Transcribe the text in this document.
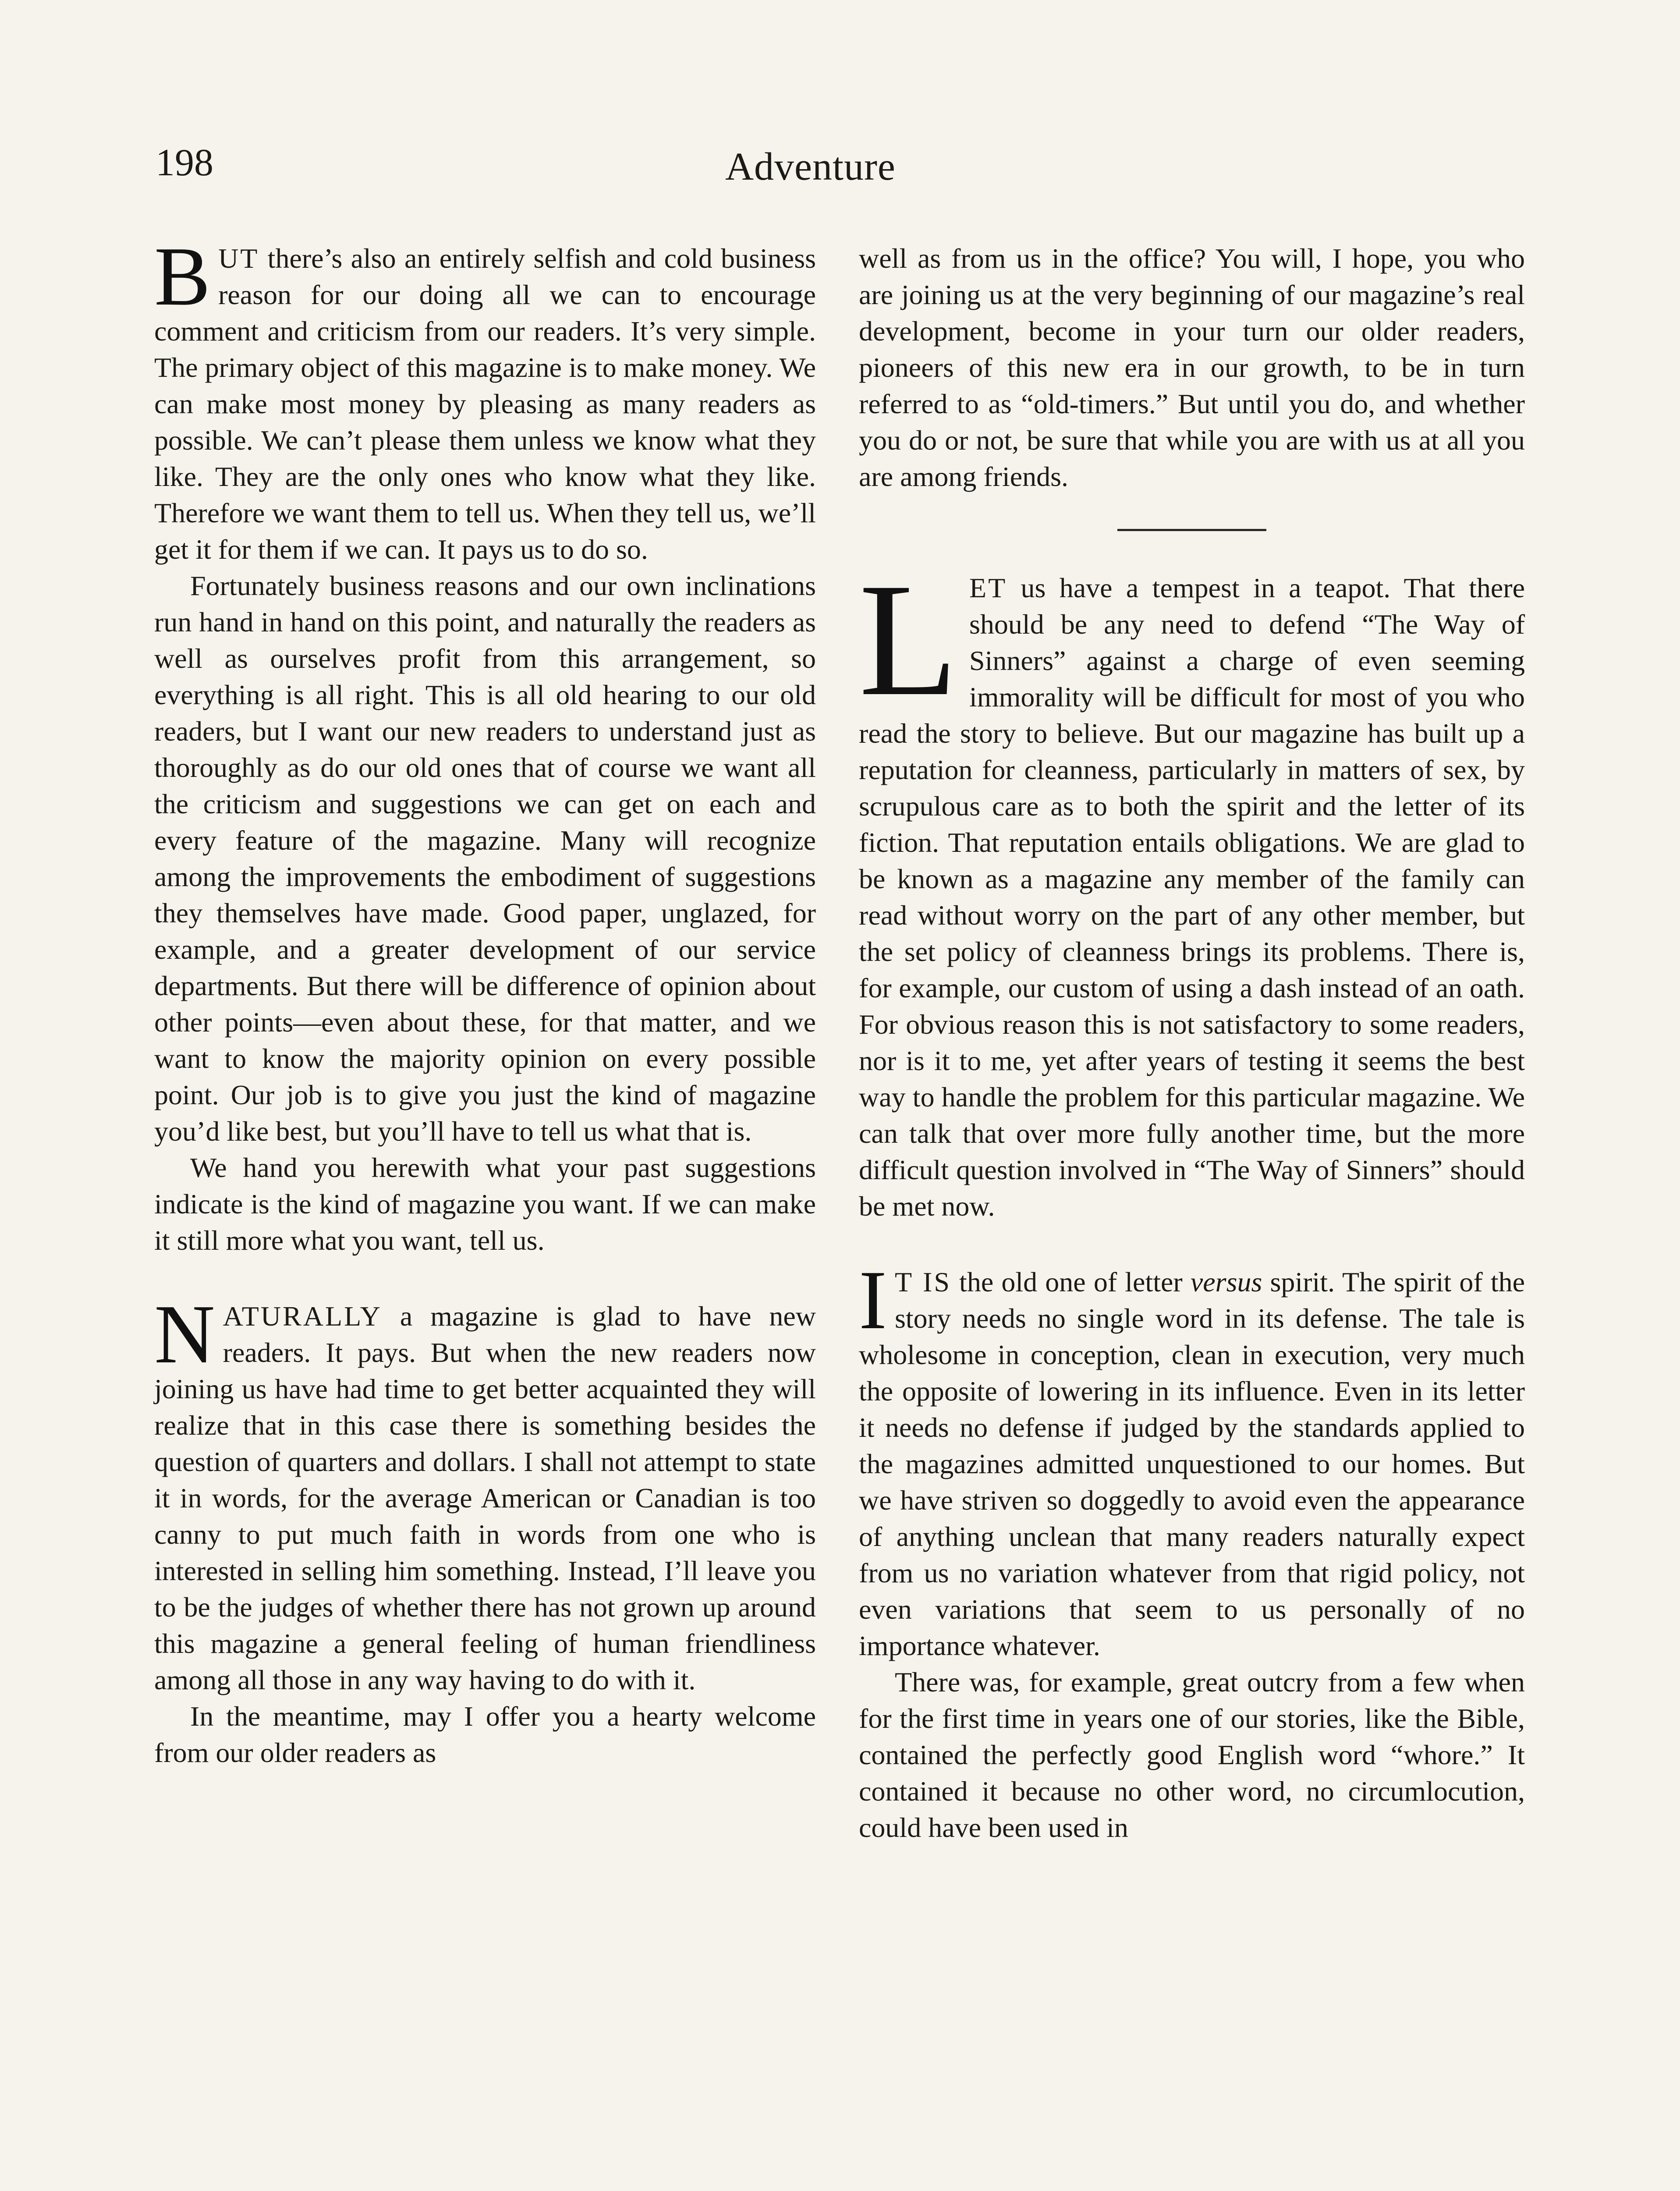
198	Adventure

BUT there’s also an entirely selfish and cold business reason for our doing all we can to encourage comment and criticism from our readers. It’s very simple. The primary object of this magazine is to make money. We can make most money by pleasing as many readers as possible. We can’t please them unless we know what they like. They are the only ones who know what they like. Therefore we want them to tell us. When they tell us, we’ll get it for them if we can. It pays us to do so.

Fortunately business reasons and our own inclinations run hand in hand on this point, and naturally the readers as well as ourselves profit from this arrangement, so everything is all right. This is all old hearing to our old readers, but I want our new readers to understand just as thoroughly as do our old ones that of course we want all the criticism and suggestions we can get on each and every feature of the magazine. Many will recognize among the improvements the embodiment of suggestions they themselves have made. Good paper, unglazed, for example, and a greater development of our service departments. But there will be difference of opinion about other points—even about these, for that matter, and we want to know the majority opinion on every possible point. Our job is to give you just the kind of magazine you’d like best, but you’ll have to tell us what that is.

We hand you herewith what your past suggestions indicate is the kind of magazine you want. If we can make it still more what you want, tell us.

NATURALLY a magazine is glad to have new readers. It pays. But when the new readers now joining us have had time to get better acquainted they will realize that in this case there is something besides the question of quarters and dollars. I shall not attempt to state it in words, for the average American or Canadian is too canny to put much faith in words from one who is interested in selling him something. Instead, I’ll leave you to be the judges of whether there has not grown up around this magazine a general feeling of human friendliness among all those in any way having to do with it.

In the meantime, may I offer you a hearty welcome from our older readers as

well as from us in the office? You will, I hope, you who are joining us at the very beginning of our magazine’s real development, become in your turn our older readers, pioneers of this new era in our growth, to be in turn referred to as “old-timers.” But until you do, and whether you do or not, be sure that while you are with us at all you are among friends.

LET us have a tempest in a teapot. That there should be any need to defend “The Way of Sinners” against a charge of even seeming immorality will be difficult for most of you who read the story to believe. But our magazine has built up a reputation for cleanness, particularly in matters of sex, by scrupulous care as to both the spirit and the letter of its fiction. That reputation entails obligations. We are glad to be known as a magazine any member of the family can read without worry on the part of any other member, but the set policy of cleanness brings its problems. There is, for example, our custom of using a dash instead of an oath. For obvious reason this is not satisfactory to some readers, nor is it to me, yet after years of testing it seems the best way to handle the problem for this particular magazine. We can talk that over more fully another time, but the more difficult question involved in “The Way of Sinners” should be met now.

I T IS the old one of letter versus spirit. The spirit of the story needs no single word in its defense. The tale is wholesome in conception, clean in execution, very much the opposite of lowering in its influence. Even in its letter it needs no defense if judged by the standards applied to the magazines admitted unquestioned to our homes. But we have striven so doggedly to avoid even the appearance of anything unclean that many readers naturally expect from us no variation whatever from that rigid policy, not even variations that seem to us personally of no importance whatever.

There was, for example, great outcry from a few when for the first time in years one of our stories, like the Bible, contained the perfectly good English word “whore.” It contained it because no other word, no circumlocution, could have been used in
